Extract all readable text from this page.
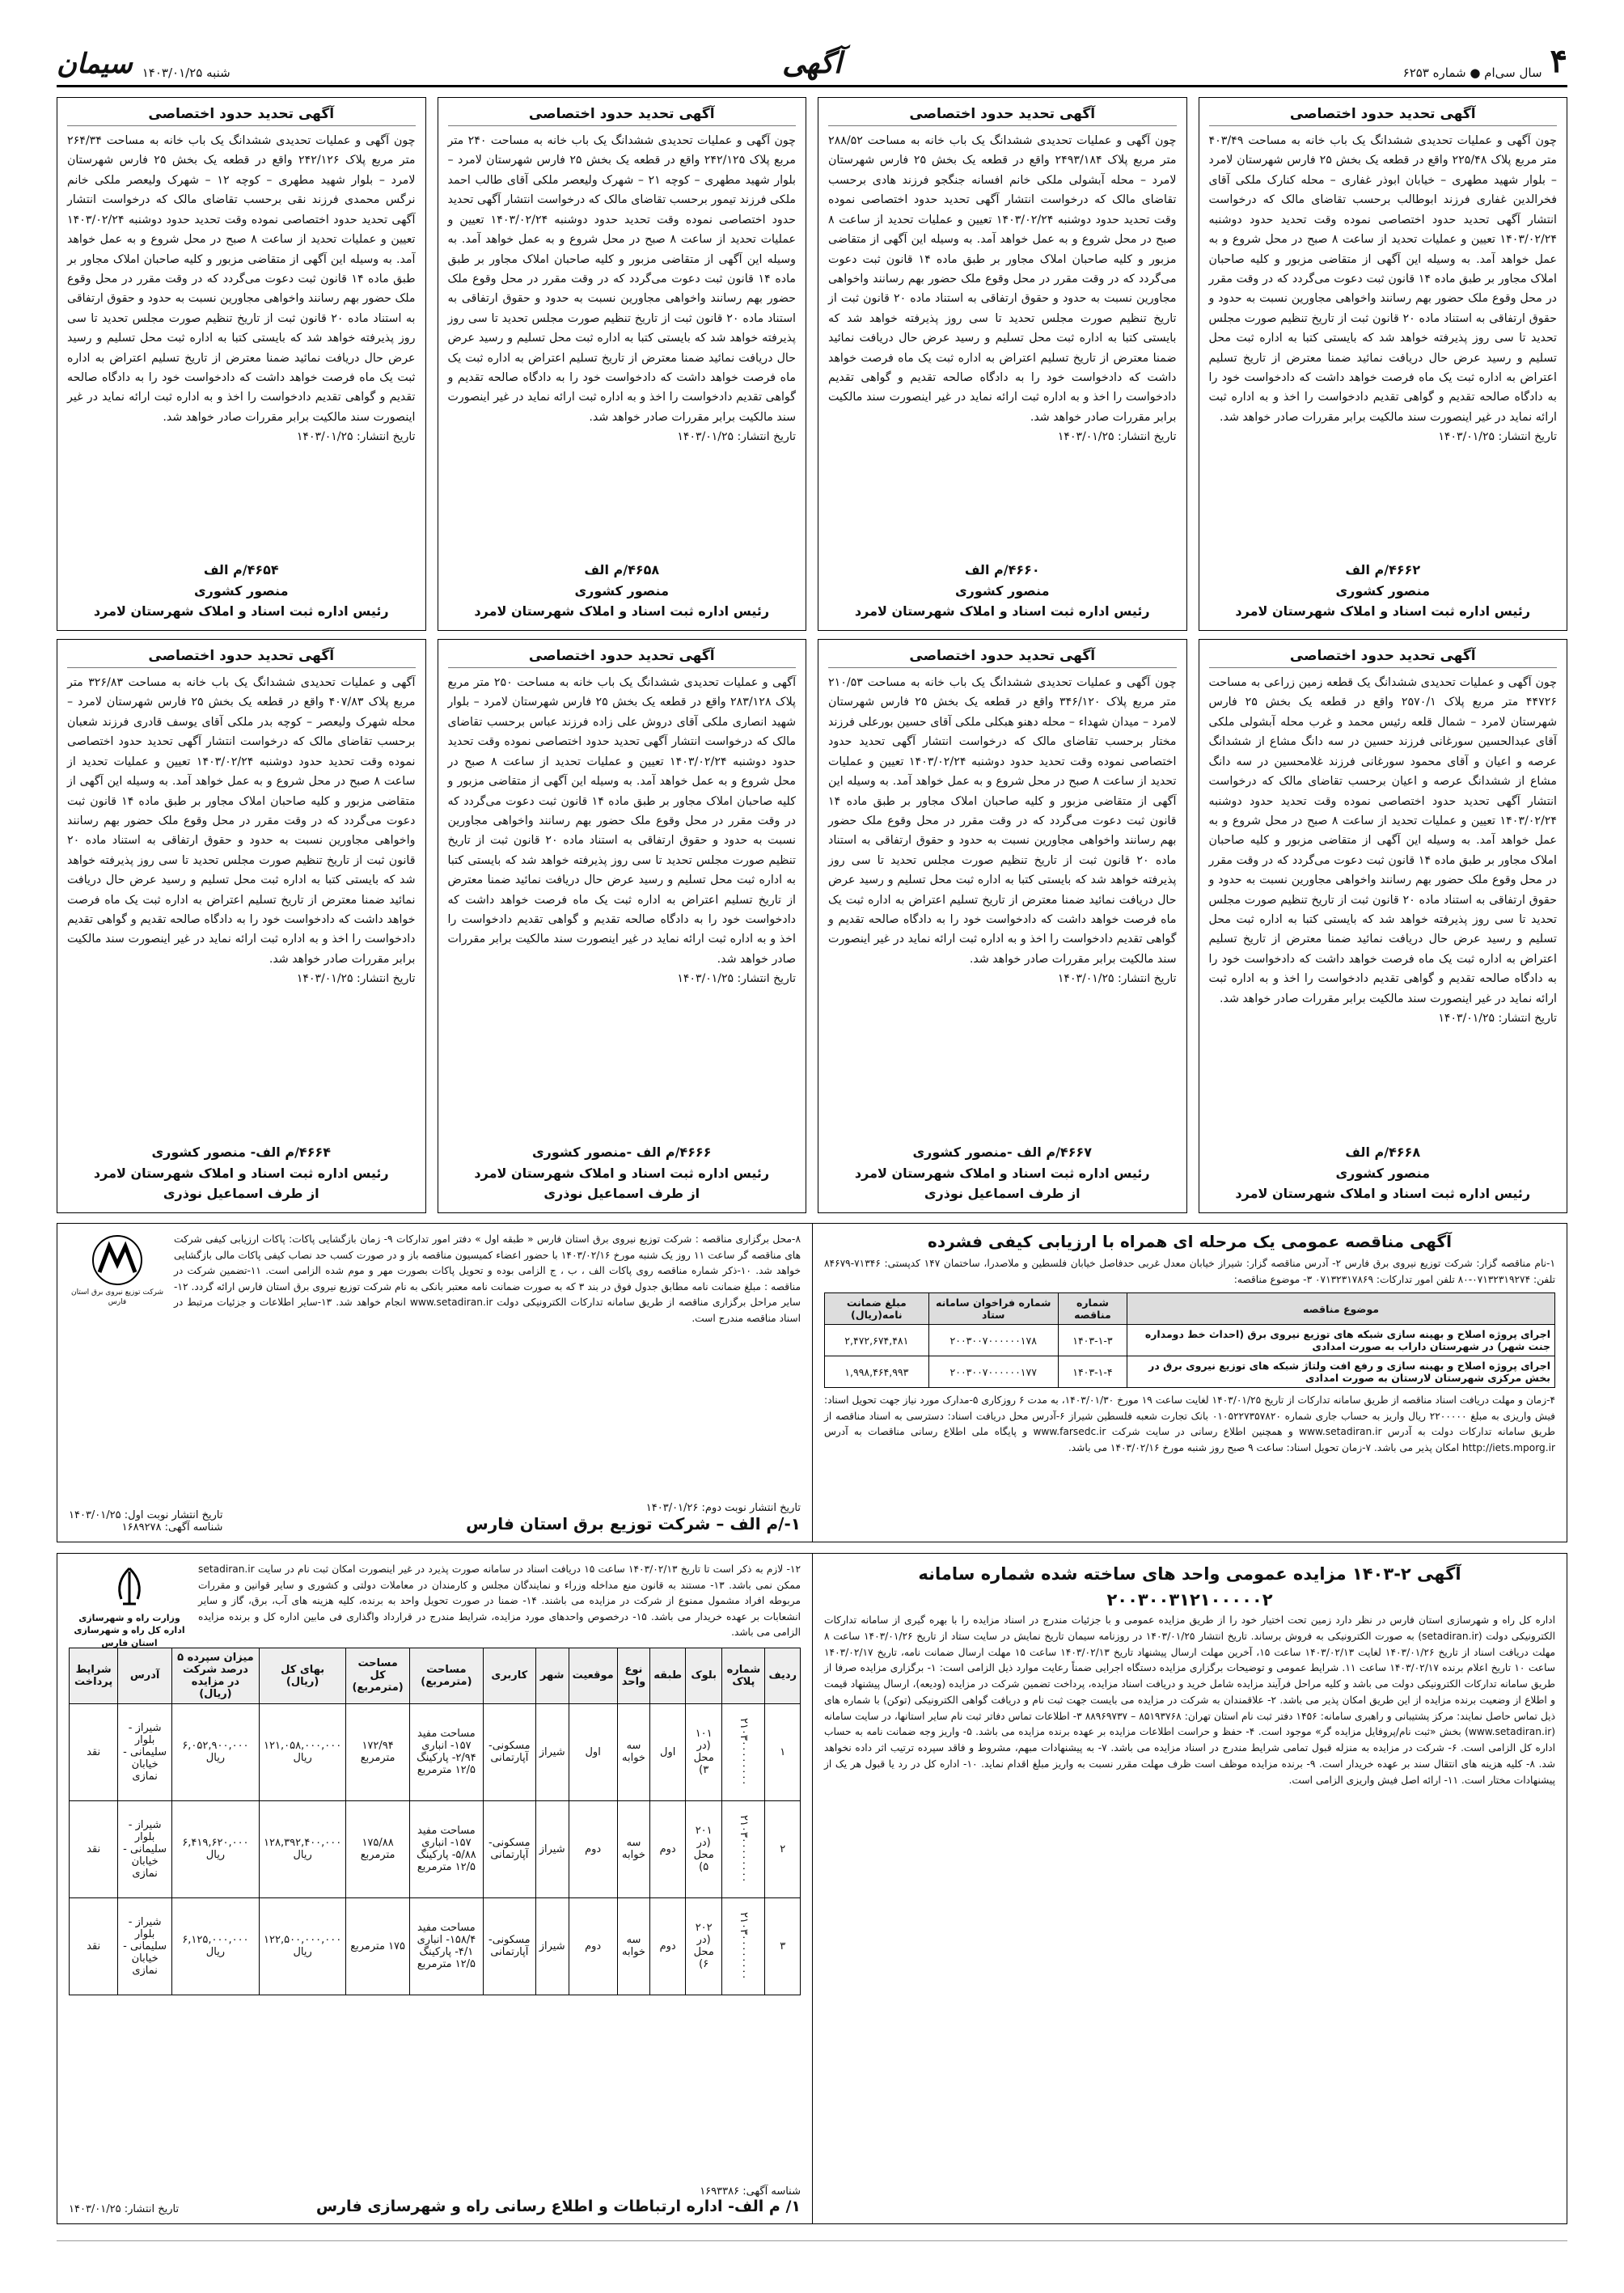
۴
سال سی‌ام ● شماره ۶۲۵۳
آگهی
شنبه ۱۴۰۳/۰۱/۲۵
سیمان
آگهی تحدید حدود اختصاصی

چون آگهی و عملیات تحدیدی ششدانگ یک باب خانه به مساحت ۴۰۳/۴۹ متر مربع پلاک ۲۲۵/۴۸ واقع در قطعه یک بخش ۲۵ فارس شهرستان لامرد – بلوار شهید مطهری – خیابان ابوذر غفاری – محله کنارک ملکی آقای فخرالدین غفاری فرزند ابوطالب برحسب تقاضای مالک که درخواست انتشار آگهی تحدید حدود اختصاصی نموده وقت تحدید حدود دوشنبه ۱۴۰۳/۰۲/۲۴ تعیین و عملیات تحدید از ساعت ۸ صبح در محل شروع و به عمل خواهد آمد. به وسیله این آگهی از متقاضی مزبور و کلیه صاحبان املاک مجاور بر طبق ماده ۱۴ قانون ثبت دعوت می‌گردد که در وقت مقرر در محل وقوع ملک حضور بهم رسانند واخواهی مجاورین نسبت به حدود و حقوق ارتفاقی به استناد ماده ۲۰ قانون ثبت از تاریخ تنظیم صورت مجلس تحدید تا سی روز پذیرفته خواهد شد که بایستی کتبا به اداره ثبت محل تسلیم و رسید عرض حال دریافت نمائید ضمنا معترض از تاریخ تسلیم اعتراض به اداره ثبت یک ماه فرصت خواهد داشت که دادخواست خود را به دادگاه صالحه تقدیم و گواهی تقدیم دادخواست را اخذ و به اداره ثبت ارائه نماید در غیر اینصورت سند مالکیت برابر مقررات صادر خواهد شد.

تاریخ انتشار: ۱۴۰۳/۰۱/۲۵

۴۶۶۲/م الف
منصور کشوری
رئیس اداره ثبت اسناد و املاک شهرستان لامرد
آگهی تحدید حدود اختصاصی

چون آگهی و عملیات تحدیدی ششدانگ یک باب خانه به مساحت ۲۸۸/۵۲ متر مربع پلاک ۲۴۹۳/۱۸۴ واقع در قطعه یک بخش ۲۵ فارس شهرستان لامرد – محله آبشولی ملکی خانم افسانه جنگجو فرزند هادی برحسب تقاضای مالک که درخواست انتشار آگهی تحدید حدود اختصاصی نموده وقت تحدید حدود دوشنبه ۱۴۰۳/۰۲/۲۴ تعیین و عملیات تحدید از ساعت ۸ صبح در محل شروع و به عمل خواهد آمد. به وسیله این آگهی از متقاضی مزبور و کلیه صاحبان املاک مجاور بر طبق ماده ۱۴ قانون ثبت دعوت می‌گردد که در وقت مقرر در محل وقوع ملک حضور بهم رسانند واخواهی مجاورین نسبت به حدود و حقوق ارتفاقی به استناد ماده ۲۰ قانون ثبت از تاریخ تنظیم صورت مجلس تحدید تا سی روز پذیرفته خواهد شد که بایستی کتبا به اداره ثبت محل تسلیم و رسید عرض حال دریافت نمائید ضمنا معترض از تاریخ تسلیم اعتراض به اداره ثبت یک ماه فرصت خواهد داشت که دادخواست خود را به دادگاه صالحه تقدیم و گواهی تقدیم دادخواست را اخذ و به اداره ثبت ارائه نماید در غیر اینصورت سند مالکیت برابر مقررات صادر خواهد شد.

تاریخ انتشار: ۱۴۰۳/۰۱/۲۵

۴۶۶۰/م الف
منصور کشوری
رئیس اداره ثبت اسناد و املاک شهرستان لامرد
آگهی تحدید حدود اختصاصی

چون آگهی و عملیات تحدیدی ششدانگ یک باب خانه به مساحت ۲۴۰ متر مربع پلاک ۲۴۲/۱۲۵ واقع در قطعه یک بخش ۲۵ فارس شهرستان لامرد – بلوار شهید مطهری – کوچه ۲۱ – شهرک ولیعصر ملکی آقای طالب احمد ملکی فرزند تیمور برحسب تقاضای مالک که درخواست انتشار آگهی تحدید حدود اختصاصی نموده وقت تحدید حدود دوشنبه ۱۴۰۳/۰۲/۲۴ تعیین و عملیات تحدید از ساعت ۸ صبح در محل شروع و به عمل خواهد آمد. به وسیله این آگهی از متقاضی مزبور و کلیه صاحبان املاک مجاور بر طبق ماده ۱۴ قانون ثبت دعوت می‌گردد که در وقت مقرر در محل وقوع ملک حضور بهم رسانند واخواهی مجاورین نسبت به حدود و حقوق ارتفاقی به استناد ماده ۲۰ قانون ثبت از تاریخ تنظیم صورت مجلس تحدید تا سی روز پذیرفته خواهد شد که بایستی کتبا به اداره ثبت محل تسلیم و رسید عرض حال دریافت نمائید ضمنا معترض از تاریخ تسلیم اعتراض به اداره ثبت یک ماه فرصت خواهد داشت که دادخواست خود را به دادگاه صالحه تقدیم و گواهی تقدیم دادخواست را اخذ و به اداره ثبت ارائه نماید در غیر اینصورت سند مالکیت برابر مقررات صادر خواهد شد.

تاریخ انتشار: ۱۴۰۳/۰۱/۲۵

۴۶۵۸/م الف
منصور کشوری
رئیس اداره ثبت اسناد و املاک شهرستان لامرد
آگهی تحدید حدود اختصاصی

چون آگهی و عملیات تحدیدی ششدانگ یک باب خانه به مساحت ۲۶۴/۳۴ متر مربع پلاک ۲۴۲/۱۲۶ واقع در قطعه یک بخش ۲۵ فارس شهرستان لامرد – بلوار شهید مطهری – کوچه ۱۲ – شهرک ولیعصر ملکی خانم نرگس محمدی فرزند نقی برحسب تقاضای مالک که درخواست انتشار آگهی تحدید حدود اختصاصی نموده وقت تحدید حدود دوشنبه ۱۴۰۳/۰۲/۲۴ تعیین و عملیات تحدید از ساعت ۸ صبح در محل شروع و به عمل خواهد آمد. به وسیله این آگهی از متقاضی مزبور و کلیه صاحبان املاک مجاور بر طبق ماده ۱۴ قانون ثبت دعوت می‌گردد که در وقت مقرر در محل وقوع ملک حضور بهم رسانند واخواهی مجاورین نسبت به حدود و حقوق ارتفاقی به استناد ماده ۲۰ قانون ثبت از تاریخ تنظیم صورت مجلس تحدید تا سی روز پذیرفته خواهد شد که بایستی کتبا به اداره ثبت محل تسلیم و رسید عرض حال دریافت نمائید ضمنا معترض از تاریخ تسلیم اعتراض به اداره ثبت یک ماه فرصت خواهد داشت که دادخواست خود را به دادگاه صالحه تقدیم و گواهی تقدیم دادخواست را اخذ و به اداره ثبت ارائه نماید در غیر اینصورت سند مالکیت برابر مقررات صادر خواهد شد.

تاریخ انتشار: ۱۴۰۳/۰۱/۲۵

۴۶۵۴/م الف
منصور کشوری
رئیس اداره ثبت اسناد و املاک شهرستان لامرد
آگهی تحدید حدود اختصاصی

چون آگهی و عملیات تحدیدی ششدانگ یک قطعه زمین زراعی به مساحت ۴۴۷۲۶ متر مربع پلاک ۲۵۷۰/۱ واقع در قطعه یک بخش ۲۵ فارس شهرستان لامرد – شمال قلعه رئیس محمد و غرب محله آبشولی ملکی آقای عبدالحسین سورغانی فرزند حسین در سه دانگ مشاع از ششدانگ عرصه و اعیان و آقای محمود سورغانی فرزند غلامحسین در سه دانگ مشاع از ششدانگ عرصه و اعیان برحسب تقاضای مالک که درخواست انتشار آگهی تحدید حدود اختصاصی نموده وقت تحدید حدود دوشنبه ۱۴۰۳/۰۲/۲۴ تعیین و عملیات تحدید از ساعت ۸ صبح در محل شروع و به عمل خواهد آمد. به وسیله این آگهی از متقاضی مزبور و کلیه صاحبان املاک مجاور بر طبق ماده ۱۴ قانون ثبت دعوت می‌گردد که در وقت مقرر در محل وقوع ملک حضور بهم رسانند واخواهی مجاورین نسبت به حدود و حقوق ارتفاقی به استناد ماده ۲۰ قانون ثبت از تاریخ تنظیم صورت مجلس تحدید تا سی روز پذیرفته خواهد شد که بایستی کتبا به اداره ثبت محل تسلیم و رسید عرض حال دریافت نمائید ضمنا معترض از تاریخ تسلیم اعتراض به اداره ثبت یک ماه فرصت خواهد داشت که دادخواست خود را به دادگاه صالحه تقدیم و گواهی تقدیم دادخواست را اخذ و به اداره ثبت ارائه نماید در غیر اینصورت سند مالکیت برابر مقررات صادر خواهد شد.

تاریخ انتشار: ۱۴۰۳/۰۱/۲۵

۴۶۶۸/م الف
منصور کشوری
رئیس اداره ثبت اسناد و املاک شهرستان لامرد
آگهی تحدید حدود اختصاصی

چون آگهی و عملیات تحدیدی ششدانگ یک باب خانه به مساحت ۲۱۰/۵۳ متر مربع پلاک ۳۴۶/۱۲۰ واقع در قطعه یک بخش ۲۵ فارس شهرستان لامرد – میدان شهداء – محله دهنو هبکلی ملکی آقای حسین بورعلی فرزند مختار برحسب تقاضای مالک که درخواست انتشار آگهی تحدید حدود اختصاصی نموده وقت تحدید حدود دوشنبه ۱۴۰۳/۰۲/۲۴ تعیین و عملیات تحدید از ساعت ۸ صبح در محل شروع و به عمل خواهد آمد. به وسیله این آگهی از متقاضی مزبور و کلیه صاحبان املاک مجاور بر طبق ماده ۱۴ قانون ثبت دعوت می‌گردد که در وقت مقرر در محل وقوع ملک حضور بهم رسانند واخواهی مجاورین نسبت به حدود و حقوق ارتفاقی به استناد ماده ۲۰ قانون ثبت از تاریخ تنظیم صورت مجلس تحدید تا سی روز پذیرفته خواهد شد که بایستی کتبا به اداره ثبت محل تسلیم و رسید عرض حال دریافت نمائید ضمنا معترض از تاریخ تسلیم اعتراض به اداره ثبت یک ماه فرصت خواهد داشت که دادخواست خود را به دادگاه صالحه تقدیم و گواهی تقدیم دادخواست را اخذ و به اداره ثبت ارائه نماید در غیر اینصورت سند مالکیت برابر مقررات صادر خواهد شد.

تاریخ انتشار: ۱۴۰۳/۰۱/۲۵

۴۶۶۷/م الف -منصور کشوری
رئیس اداره ثبت اسناد و املاک شهرستان لامرد
از طرف اسماعیل نوذری
آگهی تحدید حدود اختصاصی

آگهی و عملیات تحدیدی ششدانگ یک باب خانه به مساحت ۲۵۰ متر مربع پلاک ۲۸۳/۱۲۸ واقع در قطعه یک بخش ۲۵ فارس شهرستان لامرد – بلوار شهید انصاری ملکی آقای دروش علی زاده فرزند عباس برحسب تقاضای مالک که درخواست انتشار آگهی تحدید حدود اختصاصی نموده وقت تحدید حدود دوشنبه ۱۴۰۳/۰۲/۲۴ تعیین و عملیات تحدید از ساعت ۸ صبح در محل شروع و به عمل خواهد آمد. به وسیله این آگهی از متقاضی مزبور و کلیه صاحبان املاک مجاور بر طبق ماده ۱۴ قانون ثبت دعوت می‌گردد که در وقت مقرر در محل وقوع ملک حضور بهم رسانند واخواهی مجاورین نسبت به حدود و حقوق ارتفاقی به استناد ماده ۲۰ قانون ثبت از تاریخ تنظیم صورت مجلس تحدید تا سی روز پذیرفته خواهد شد که بایستی کتبا به اداره ثبت محل تسلیم و رسید عرض حال دریافت نمائید ضمنا معترض از تاریخ تسلیم اعتراض به اداره ثبت یک ماه فرصت خواهد داشت که دادخواست خود را به دادگاه صالحه تقدیم و گواهی تقدیم دادخواست را اخذ و به اداره ثبت ارائه نماید در غیر اینصورت سند مالکیت برابر مقررات صادر خواهد شد.

تاریخ انتشار: ۱۴۰۳/۰۱/۲۵

۴۶۶۶/م الف -منصور کشوری
رئیس اداره ثبت اسناد و املاک شهرستان لامرد
از طرف اسماعیل نوذری
آگهی تحدید حدود اختصاصی

آگهی و عملیات تحدیدی ششدانگ یک باب خانه به مساحت ۳۲۶/۸۳ متر مربع پلاک ۴۰۷/۸۳ واقع در قطعه یک بخش ۲۵ فارس شهرستان لامرد – محله شهرک ولیعصر – کوچه بدر ملکی آقای یوسف قادری فرزند شعبان برحسب تقاضای مالک که درخواست انتشار آگهی تحدید حدود اختصاصی نموده وقت تحدید حدود دوشنبه ۱۴۰۳/۰۲/۲۴ تعیین و عملیات تحدید از ساعت ۸ صبح در محل شروع و به عمل خواهد آمد. به وسیله این آگهی از متقاضی مزبور و کلیه صاحبان املاک مجاور بر طبق ماده ۱۴ قانون ثبت دعوت می‌گردد که در وقت مقرر در محل وقوع ملک حضور بهم رسانند واخواهی مجاورین نسبت به حدود و حقوق ارتفاقی به استناد ماده ۲۰ قانون ثبت از تاریخ تنظیم صورت مجلس تحدید تا سی روز پذیرفته خواهد شد که بایستی کتبا به اداره ثبت محل تسلیم و رسید عرض حال دریافت نمائید ضمنا معترض از تاریخ تسلیم اعتراض به اداره ثبت یک ماه فرصت خواهد داشت که دادخواست خود را به دادگاه صالحه تقدیم و گواهی تقدیم دادخواست را اخذ و به اداره ثبت ارائه نماید در غیر اینصورت سند مالکیت برابر مقررات صادر خواهد شد.

تاریخ انتشار: ۱۴۰۳/۰۱/۲۵

۴۶۶۴/م الف- منصور کشوری
رئیس اداره ثبت اسناد و املاک شهرستان لامرد
از طرف اسماعیل نوذری
آگهی مناقصه عمومی یک مرحله ای همراه با ارزیابی کیفی فشرده

۱-نام مناقصه گزار: شرکت توزیع نیروی برق فارس ۲- آدرس مناقصه گزار: شیراز خیابان معدل غربی حدفاصل خیابان فلسطین و ملاصدرا، ساختمان ۱۴۷ کدپستی: ۷۱۳۴۶-۸۴۶۷۹ تلفن: ۰۷۱۳۲۳۱۹۲۷۴-۸۰ تلفن امور تدارکات: ۰۷۱۳۲۳۱۷۸۶۹ ۳- موضوع مناقصه:

موضوع مناقصه	شماره مناقصه	شماره فراخوان سامانه ستاد	مبلغ ضمانت نامه(ریال)
اجرای پروژه اصلاح و بهینه سازی شبکه های توزیع نیروی برق (احداث خط دومداره جنت شهر) در شهرستان داراب به صورت امدادی	۱۴۰۳-۱-۳	۲۰۰۳۰۰۷۰۰۰۰۰۰۱۷۸	۲,۴۷۲,۶۷۴,۴۸۱
اجرای پروژه اصلاح و بهینه سازی و رفع افت ولتاژ شبکه های توزیع نیروی برق در بخش مرکزی شهرستان لارستان به صورت امدادی	۱۴۰۳-۱-۴	۲۰۰۳۰۰۷۰۰۰۰۰۰۱۷۷	۱,۹۹۸,۴۶۴,۹۹۳

۴-زمان و مهلت دریافت اسناد مناقصه از طریق سامانه تدارکات از تاریخ ۱۴۰۳/۰۱/۲۵ لغایت ساعت ۱۹ مورخ ۱۴۰۳/۰۱/۳۰، به مدت ۶ روزکاری ۵-مدارک مورد نیاز جهت تحویل اسناد: فیش واریزی به مبلغ ۲۲۰۰۰۰۰ ریال واریز به حساب جاری شماره ۰۱۰۵۲۲۷۳۵۷۸۲۰ بانک تجارت شعبه فلسطین شیراز ۶-آدرس محل دریافت اسناد: دسترسی به اسناد مناقصه از طریق سامانه تدارکات دولت به آدرس www.setadiran.ir و همچنین اطلاع رسانی در سایت شرکت www.farsedc.ir و پایگاه ملی اطلاع رسانی مناقصات به آدرس http://iets.mporg.ir امکان پذیر می باشد. ۷-زمان تحویل اسناد: ساعت ۹ صبح روز شنبه مورخ ۱۴۰۳/۰۲/۱۶ می باشد.

شرکت توزیع نیروی برق استان فارس

۸-محل برگزاری مناقصه : شرکت توزیع نیروی برق استان فارس « طبقه اول » دفتر امور تدارکات ۹- زمان بازگشایی پاکات: پاکات ارزیابی کیفی شرکت های مناقصه گر ساعت ۱۱ روز یک شنبه مورخ ۱۴۰۳/۰۲/۱۶ با حضور اعضاء کمیسیون مناقصه باز و در صورت کسب حد نصاب کیفی پاکات مالی بازگشایی خواهد شد. ۱۰-ذکر شماره مناقصه روی پاکات الف ، ب ، ج الزامی بوده و تحویل پاکات بصورت مهر و موم شده الزامی است. ۱۱-تضمین شرکت در مناقصه : مبلغ ضمانت نامه مطابق جدول فوق در بند ۳ که به صورت ضمانت نامه معتبر بانکی به نام شرکت توزیع نیروی برق استان فارس ارائه گردد. ۱۲-سایر مراحل برگزاری مناقصه از طریق سامانه تدارکات الکترونیکی دولت www.setadiran.ir انجام خواهد شد. ۱۳-سایر اطلاعات و جزئیات مرتبط در اسناد مناقصه مندرج است.

تاریخ انتشار نوبت دوم: ۱۴۰۳/۰۱/۲۶
۱-/م الف – شرکت توزیع برق استان فارس
تاریخ انتشار نوبت اول: ۱۴۰۳/۰۱/۲۵
شناسه آگهی: ۱۶۸۹۲۷۸
آگهی ۲-۱۴۰۳ مزایده عمومی واحد های ساخته شده شماره سامانه
۲۰۰۳۰۰۳۱۲۱۰۰۰۰۰۲

اداره کل راه و شهرسازی استان فارس در نظر دارد زمین تحت اختیار خود را از طریق مزایده عمومی و با جزئیات مندرج در اسناد مزایده را با بهره گیری از سامانه تدارکات الکترونیکی دولت (setadiran.ir) به صورت الکترونیکی به فروش برساند. تاریخ انتشار ۱۴۰۳/۰۱/۲۵ در روزنامه سیمان تاریخ نمایش در سایت ستاد از تاریخ ۱۴۰۳/۰۱/۲۶ ساعت ۸ مهلت دریافت اسناد از تاریخ ۱۴۰۳/۰۱/۲۶ لغایت ۱۴۰۳/۰۲/۱۳ ساعت ۱۵، آخرین مهلت ارسال پیشنهاد تاریخ ۱۴۰۳/۰۲/۱۳ ساعت ۱۵ مهلت ارسال ضمانت نامه، تاریخ ۱۴۰۳/۰۲/۱۷ ساعت ۱۰ تاریخ اعلام برنده ۱۴۰۳/۰۲/۱۷ ساعت ۱۱. شرایط عمومی و توضیحات برگزاری مزایده دستگاه اجرایی ضمناً رعایت موارد ذیل الزامی است: ۱- برگزاری مزایده صرفا از طریق سامانه تدارکات الکترونیکی دولت می باشد و کلیه مراحل فرآیند مزایده شامل خرید و دریافت اسناد مزایده، پرداخت تضمین شرکت در مزایده (ودیعه)، ارسال پیشنهاد قیمت و اطلاع از وضعیت برنده مزایده از این طریق امکان پذیر می باشد. ۲- علاقمندان به شرکت در مزایده می بایست جهت ثبت نام و دریافت گواهی الکترونیکی (توکن) با شماره های ذیل تماس حاصل نمایند: مرکز پشتیبانی و راهبری سامانه: ۱۴۵۶ دفتر ثبت نام استان تهران: ۸۵۱۹۳۷۶۸ – ۸۸۹۶۹۷۳۷ ۳- اطلاعات تماس دفاتر ثبت نام سایر استانها، در سایت سامانه (www.setadiran.ir) بخش «ثبت نام/پروفایل مزایده گر» موجود است. ۴- حفظ و حراست اطلاعات مزایده بر عهده برنده مزایده می باشد. ۵- واریز وجه ضمانت نامه به حساب اداره کل الزامی است. ۶- شرکت در مزایده به منزله قبول تمامی شرایط مندرج در اسناد مزایده می باشد. ۷- به پیشنهادات مبهم، مشروط و فاقد سپرده ترتیب اثر داده نخواهد شد. ۸- کلیه هزینه های انتقال سند بر عهده خریدار است. ۹- برنده مزایده موظف است ظرف مهلت مقرر نسبت به واریز مبلغ اقدام نماید. ۱۰- اداره کل در رد یا قبول هر یک از پیشنهادات مختار است. ۱۱- ارائه اصل فیش واریزی الزامی است.

وزارت راه و شهرسازی
اداره کل راه و شهرسازی استان فارس

۱۲- لازم به ذکر است تا تاریخ ۱۴۰۳/۰۲/۱۳ ساعت ۱۵ دریافت اسناد در سامانه صورت پذیرد در غیر اینصورت امکان ثبت نام در سایت setadiran.ir ممکن نمی باشد. ۱۳- مستند به قانون منع مداخله وزراء و نمایندگان مجلس و کارمندان در معاملات دولتی و کشوری و سایر قوانین و مقررات مربوطه افراد مشمول ممنوع از شرکت در مزایده می باشند. ۱۴- ضمنا در صورت تحویل واحد به برنده، کلیه هزینه های آب، برق، گاز و سایر انشعابات بر عهده خریدار می باشد. ۱۵- درخصوص واحدهای مورد مزایده، شرایط مندرج در قرارداد واگذاری فی مابین اداره کل و برنده مزایده الزامی می باشد.

ردیف	شماره پلاک	بلوک	طبقه	نوع واحد	موقعیت	شهر	کاربری	مساحت (مترمربع)	مساحت کل (مترمربع)	بهای کل (ریال)	میزان سپرده ۵ درصد شرکت در مزایده (ریال)	آدرس	شرایط پرداخت
۱	۲۱۰۳۰۰۰۰۰۰۰۰	۱۰۱ (در محل ۳)	اول	سه خوابه	اول	شیراز	مسکونی- آپارتمانی	مساحت مفید ۱۵۷- انباری ۲/۹۴- پارکینگ ۱۲/۵ مترمربع	۱۷۲/۹۴ مترمربع	۱۲۱,۰۵۸,۰۰۰,۰۰۰ ریال	۶,۰۵۲,۹۰۰,۰۰۰ ریال	شیراز - بلوار سلیمانی - خیابان نمازی	نقد
۲	۲۱۰۳۰۰۰۰۰۰۰۰	۲۰۱ (در محل ۵)	دوم	سه خوابه	دوم	شیراز	مسکونی- آپارتمانی	مساحت مفید ۱۵۷- انباری ۵/۸۸- پارکینگ ۱۲/۵ مترمربع	۱۷۵/۸۸ مترمربع	۱۲۸,۳۹۲,۴۰۰,۰۰۰ ریال	۶,۴۱۹,۶۲۰,۰۰۰ ریال	شیراز - بلوار سلیمانی - خیابان نمازی	نقد
۳	۲۱۰۳۰۰۰۰۰۰۰۰	۲۰۲ (در محل ۶)	دوم	سه خوابه	دوم	شیراز	مسکونی- آپارتمانی	مساحت مفید ۱۵۸/۴- انباری ۴/۱- پارکینگ ۱۲/۵ مترمربع	۱۷۵ مترمربع	۱۲۲,۵۰۰,۰۰۰,۰۰۰ ریال	۶,۱۲۵,۰۰۰,۰۰۰ ریال	شیراز - بلوار سلیمانی - خیابان نمازی	نقد
شناسه آگهی: ۱۶۹۳۳۸۶
۱/ م الف- اداره ارتباطات و اطلاع رسانی راه و شهرسازی فارس
تاریخ انتشار: ۱۴۰۳/۰۱/۲۵
